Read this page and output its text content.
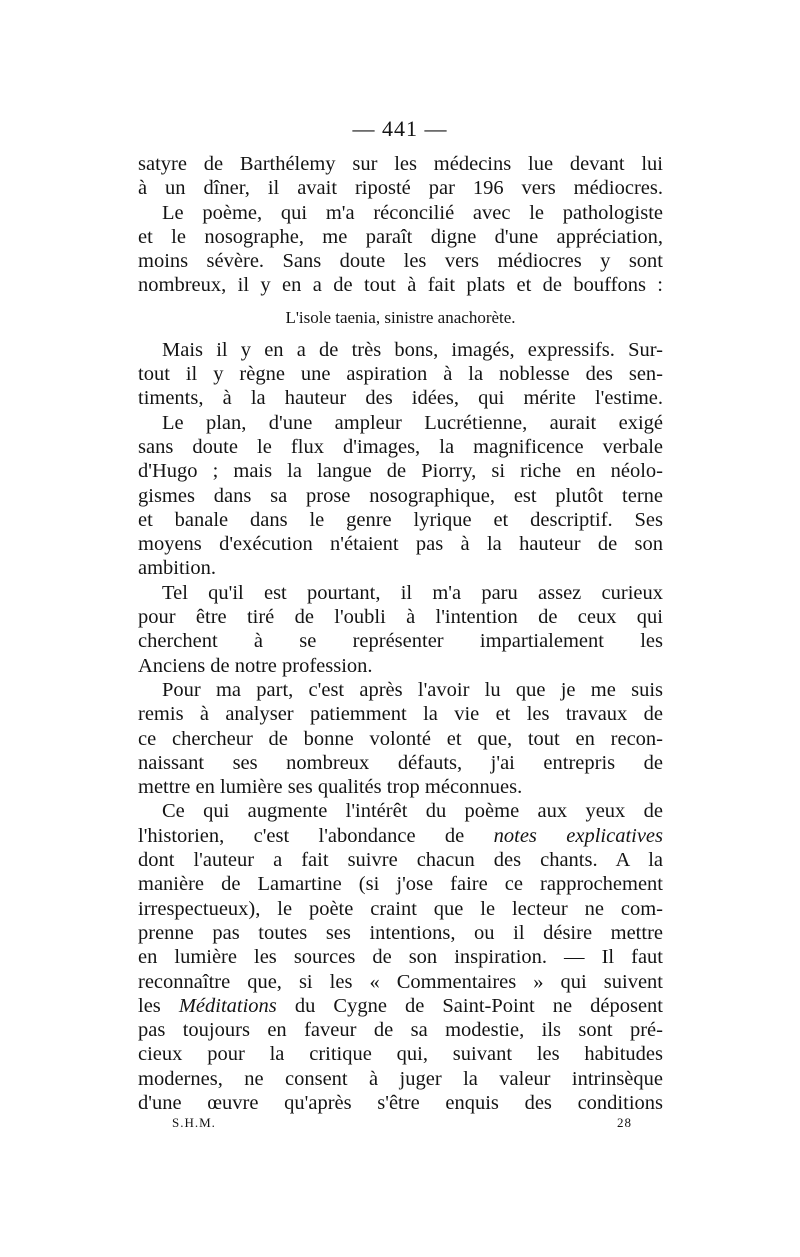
— 441 —
satyre de Barthélemy sur les médecins lue devant lui
à un dîner, il avait riposté par 196 vers médiocres.
Le poème, qui m'a réconcilié avec le pathologiste
et le nosographe, me paraît digne d'une appréciation,
moins sévère. Sans doute les vers médiocres y sont
nombreux, il y en a de tout à fait plats et de bouffons :
L'isole taenia, sinistre anachorète.
Mais il y en a de très bons, imagés, expressifs. Sur-
tout il y règne une aspiration à la noblesse des sen-
timents, à la hauteur des idées, qui mérite l'estime.
Le plan, d'une ampleur Lucrétienne, aurait exigé
sans doute le flux d'images, la magnificence verbale
d'Hugo ; mais la langue de Piorry, si riche en néolo-
gismes dans sa prose nosographique, est plutôt terne
et banale dans le genre lyrique et descriptif. Ses
moyens d'exécution n'étaient pas à la hauteur de son
ambition.
Tel qu'il est pourtant, il m'a paru assez curieux
pour être tiré de l'oubli à l'intention de ceux qui
cherchent à se représenter impartialement les
Anciens de notre profession.
Pour ma part, c'est après l'avoir lu que je me suis
remis à analyser patiemment la vie et les travaux de
ce chercheur de bonne volonté et que, tout en recon-
naissant ses nombreux défauts, j'ai entrepris de
mettre en lumière ses qualités trop méconnues.
Ce qui augmente l'intérêt du poème aux yeux de
l'historien, c'est l'abondance de notes explicatives
dont l'auteur a fait suivre chacun des chants. A la
manière de Lamartine (si j'ose faire ce rapprochement
irrespectueux), le poète craint que le lecteur ne com-
prenne pas toutes ses intentions, ou il désire mettre
en lumière les sources de son inspiration. — Il faut
reconnaître que, si les « Commentaires » qui suivent
les Méditations du Cygne de Saint-Point ne déposent
pas toujours en faveur de sa modestie, ils sont pré-
cieux pour la critique qui, suivant les habitudes
modernes, ne consent à juger la valeur intrinsèque
d'une œuvre qu'après s'être enquis des conditions
S.H.M.	28
